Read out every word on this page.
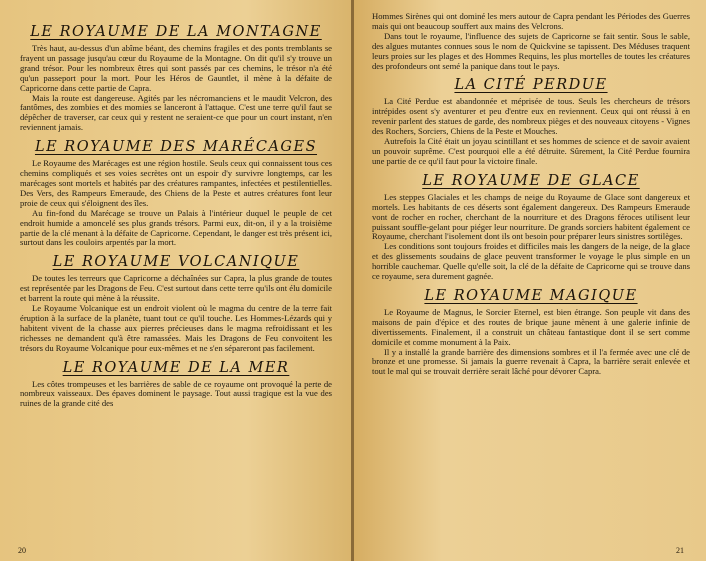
LE ROYAUME DE LA MONTAGNE

Très haut, au-dessus d'un abîme béant, des chemins fragiles et des ponts tremblants se frayent un passage jusqu'au cœur du Royaume de la Montagne. On dit qu'il s'y trouve un grand trésor. Pour les nombreux êtres qui sont passés par ces chemins, le trésor n'a été qu'un passeport pour la mort. Pour les Héros de Gauntlet, il mène à la défaite de Capricorne dans cette partie de Capra.

Mais la route est dangereuse. Agités par les nécromanciens et le maudit Velcron, des fantômes, des zombies et des momies se lanceront à l'attaque. C'est une terre qu'il faut se dépêcher de traverser, car ceux qui y restent ne seraient-ce que pour un court instant, n'en reviennent jamais.

LE ROYAUME DES MARÉCAGES

Le Royaume des Marécages est une région hostile. Seuls ceux qui connaissent tous ces chemins compliqués et ses voies secrètes ont un espoir d'y survivre longtemps, car les marécages sont mortels et habités par des créatures rampantes, infectées et pestilentielles. Des Vers, des Rampeurs Emeraude, des Chiens de la Peste et autres créatures font leur proie de ceux qui s'éloignent des îles.

Au fin-fond du Marécage se trouve un Palais à l'intérieur duquel le peuple de cet endroit humide a amoncelé ses plus grands trésors. Parmi eux, dit-on, il y a la troisième partie de la clé menant à la défaite de Capricorne. Cependant, le danger est très présent ici, surtout dans les couloirs arpentés par la mort.

LE ROYAUME VOLCANIQUE

De toutes les terreurs que Capricorne a déchaînées sur Capra, la plus grande de toutes est représentée par les Dragons de Feu. C'est surtout dans cette terre qu'ils ont élu domicile et barrent la route qui mène à la réussite.

Le Royaume Volcanique est un endroit violent où le magma du centre de la terre fait éruption à la surface de la planète, tuant tout ce qu'il touche. Les Hommes-Lézards qui y habitent vivent de la chasse aux pierres précieuses dans le magma refroidissant et les richesses ne demandent qu'à être ramassées. Mais les Dragons de Feu convoitent les trésors du Royaume Volcanique pour eux-mêmes et ne s'en sépareront pas facilement.

LE ROYAUME DE LA MER

Les côtes trompeuses et les barrières de sable de ce royaume ont provoqué la perte de nombreux vaisseaux. Des épaves dominent le paysage. Tout aussi tragique est la vue des ruines de la grande cité des

20

Hommes Sirènes qui ont dominé les mers autour de Capra pendant les Périodes des Guerres mais qui ont beaucoup souffert aux mains des Velcrons.

Dans tout le royaume, l'influence des sujets de Capricorne se fait sentir. Sous le sable, des algues mutantes connues sous le nom de Quickvine se tapissent. Des Méduses traquent leurs proies sur les plages et des Hommes Requins, les plus mortelles de toutes les créatures des profondeurs ont semé la panique dans tout le pays.

LA CITÉ PERDUE

La Cité Perdue est abandonnée et méprisée de tous. Seuls les chercheurs de trésors intrépides osent s'y aventurer et peu d'entre eux en reviennent. Ceux qui ont réussi à en revenir parlent des statues de garde, des nombreux pièges et des nouveaux citoyens - Vignes des Rochers, Sorciers, Chiens de la Peste et Mouches.

Autrefois la Cité était un joyau scintillant et ses hommes de science et de savoir avaient un pouvoir suprême. C'est pourquoi elle a été détruite. Sûrement, la Cité Perdue fournira une partie de ce qu'il faut pour la victoire finale.

LE ROYAUME DE GLACE

Les steppes Glaciales et les champs de neige du Royaume de Glace sont dangereux et mortels. Les habitants de ces déserts sont également dangereux. Des Rampeurs Emeraude vont de rocher en rocher, cherchant de la nourriture et des Dragons féroces utilisent leur puissant souffle-gelant pour piéger leur nourriture. De grands sorciers habitent également ce Royaume, cherchant l'isolement dont ils ont besoin pour préparer leurs sinistres sortilèges.

Les conditions sont toujours froides et difficiles mais les dangers de la neige, de la glace et des glissements soudains de glace peuvent transformer le voyage le plus simple en un horrible cauchemar. Quelle qu'elle soit, la clé de la défaite de Capricorne qui se trouve dans ce royaume, sera durement gagnée.

LE ROYAUME MAGIQUE

Le Royaume de Magnus, le Sorcier Eternel, est bien étrange. Son peuple vit dans des maisons de pain d'épice et des routes de brique jaune mènent à une galerie infinie de divertissements. Finalement, il a construit un château fantastique dont il se sert comme domicile et comme monument à la Paix.

Il y a installé la grande barrière des dimensions sombres et il l'a fermée avec une clé de bronze et une promesse. Si jamais la guerre revenait à Capra, la barrière serait enlevée et tout le mal qui se trouvait derrière serait lâché pour dévorer Capra.

21
